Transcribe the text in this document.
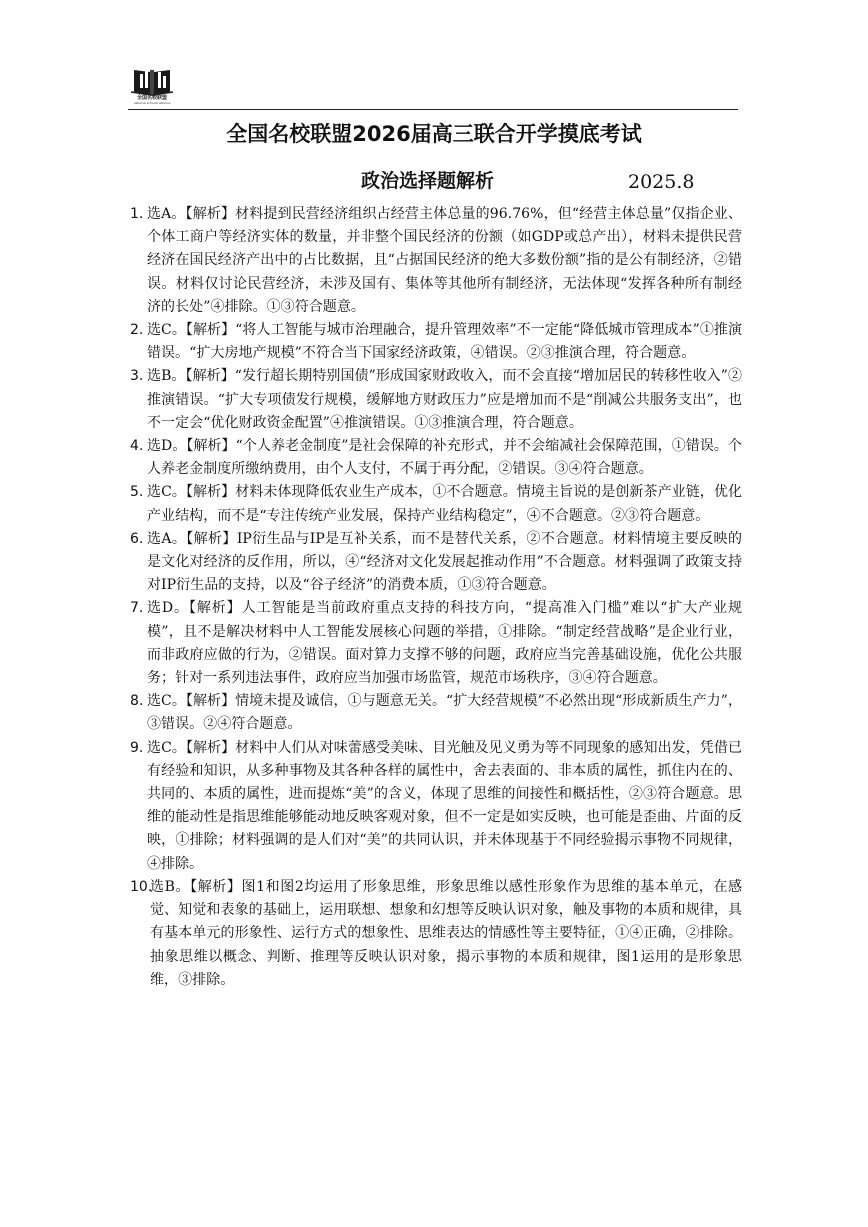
全国名校联盟
national schools alliance
全国名校联盟2026届高三联合开学摸底考试
政治选择题解析	2025.8
1. 选A。【解析】材料提到民营经济组织占经营主体总量的96.76%，但“经营主体总量”仅指企业、个体工商户等经济实体的数量，并非整个国民经济的份额（如GDP或总产出），材料未提供民营经济在国民经济产出中的占比数据，且“占据国民经济的绝大多数份额”指的是公有制经济，②错误。材料仅讨论民营经济，未涉及国有、集体等其他所有制经济，无法体现“发挥各种所有制经济的长处”④排除。①③符合题意。
2. 选C。【解析】“将人工智能与城市治理融合，提升管理效率”不一定能“降低城市管理成本”①推演错误。“扩大房地产规模”不符合当下国家经济政策，④错误。②③推演合理，符合题意。
3. 选B。【解析】“发行超长期特别国债”形成国家财政收入，而不会直接“增加居民的转移性收入”②推演错误。“扩大专项债发行规模，缓解地方财政压力”应是增加而不是“削减公共服务支出”，也不一定会“优化财政资金配置”④推演错误。①③推演合理，符合题意。
4. 选D。【解析】“个人养老金制度”是社会保障的补充形式，并不会缩减社会保障范围，①错误。个人养老金制度所缴纳费用，由个人支付，不属于再分配，②错误。③④符合题意。
5. 选C。【解析】材料未体现降低农业生产成本，①不合题意。情境主旨说的是创新茶产业链，优化产业结构，而不是“专注传统产业发展，保持产业结构稳定”，④不合题意。②③符合题意。
6. 选A。【解析】IP衍生品与IP是互补关系，而不是替代关系，②不合题意。材料情境主要反映的是文化对经济的反作用，所以，④“经济对文化发展起推动作用”不合题意。材料强调了政策支持对IP衍生品的支持，以及“谷子经济”的消费本质，①③符合题意。
7. 选D。【解析】人工智能是当前政府重点支持的科技方向，“提高准入门槛”难以“扩大产业规模”，且不是解决材料中人工智能发展核心问题的举措，①排除。“制定经营战略”是企业行业，而非政府应做的行为，②错误。面对算力支撑不够的问题，政府应当完善基础设施，优化公共服务；针对一系列违法事件，政府应当加强市场监管，规范市场秩序，③④符合题意。
8. 选C。【解析】情境未提及诚信，①与题意无关。“扩大经营规模”不必然出现“形成新质生产力”，③错误。②④符合题意。
9. 选C。【解析】材料中人们从对味蕾感受美味、目光触及见义勇为等不同现象的感知出发，凭借已有经验和知识，从多种事物及其各种各样的属性中，舍去表面的、非本质的属性，抓住内在的、共同的、本质的属性，进而提炼“美”的含义，体现了思维的间接性和概括性，②③符合题意。思维的能动性是指思维能够能动地反映客观对象，但不一定是如实反映，也可能是歪曲、片面的反映，①排除；材料强调的是人们对“美”的共同认识，并未体现基于不同经验揭示事物不同规律，④排除。
10.
选B。【解析】图1和图2均运用了形象思维，形象思维以感性形象作为思维的基本单元，在感觉、知觉和表象的基础上，运用联想、想象和幻想等反映认识对象，触及事物的本质和规律，具有基本单元的形象性、运行方式的想象性、思维表达的情感性等主要特征，①④正确，②排除。抽象思维以概念、判断、推理等反映认识对象，揭示事物的本质和规律，图1运用的是形象思维，③排除。
